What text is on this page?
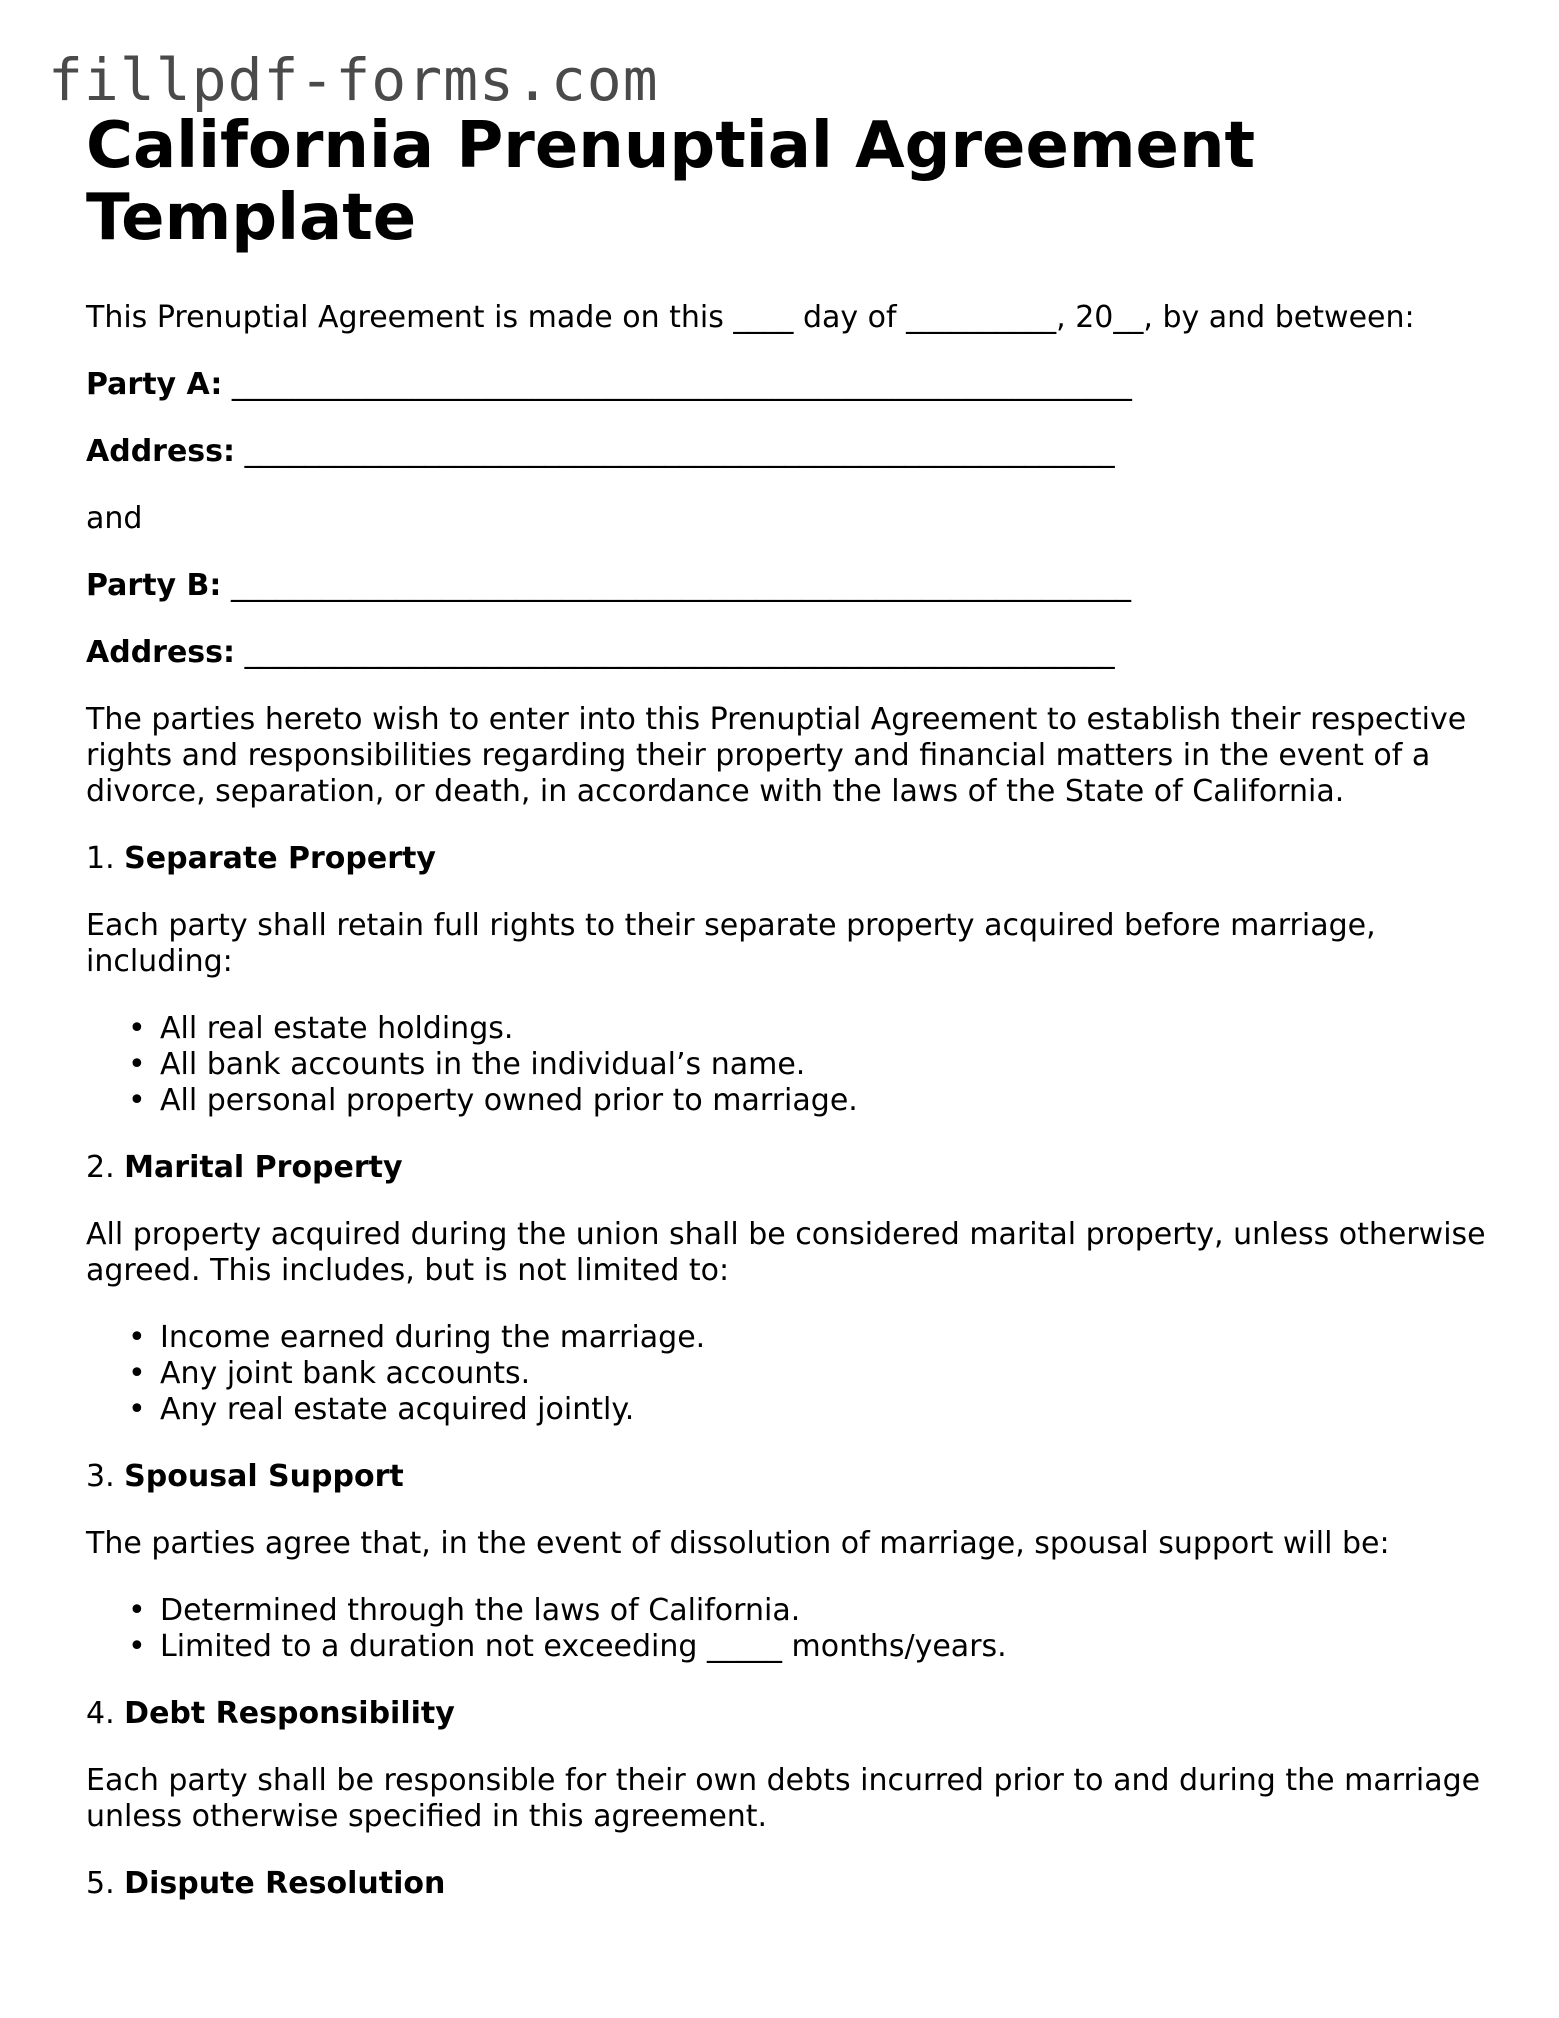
fillpdf-forms.com
California Prenuptial Agreement Template

This Prenuptial Agreement is made on this ____ day of __________, 20__, by and between:

Party A: ____________________________________________________________

Address: __________________________________________________________

and

Party B: ____________________________________________________________

Address: __________________________________________________________

The parties hereto wish to enter into this Prenuptial Agreement to establish their respective rights and responsibilities regarding their property and financial matters in the event of a divorce, separation, or death, in accordance with the laws of the State of California.

1. Separate Property

Each party shall retain full rights to their separate property acquired before marriage, including:

• All real estate holdings.
• All bank accounts in the individual’s name.
• All personal property owned prior to marriage.

2. Marital Property

All property acquired during the union shall be considered marital property, unless otherwise agreed. This includes, but is not limited to:

• Income earned during the marriage.
• Any joint bank accounts.
• Any real estate acquired jointly.

3. Spousal Support

The parties agree that, in the event of dissolution of marriage, spousal support will be:

• Determined through the laws of California.
• Limited to a duration not exceeding _____ months/years.

4. Debt Responsibility

Each party shall be responsible for their own debts incurred prior to and during the marriage unless otherwise specified in this agreement.

5. Dispute Resolution
